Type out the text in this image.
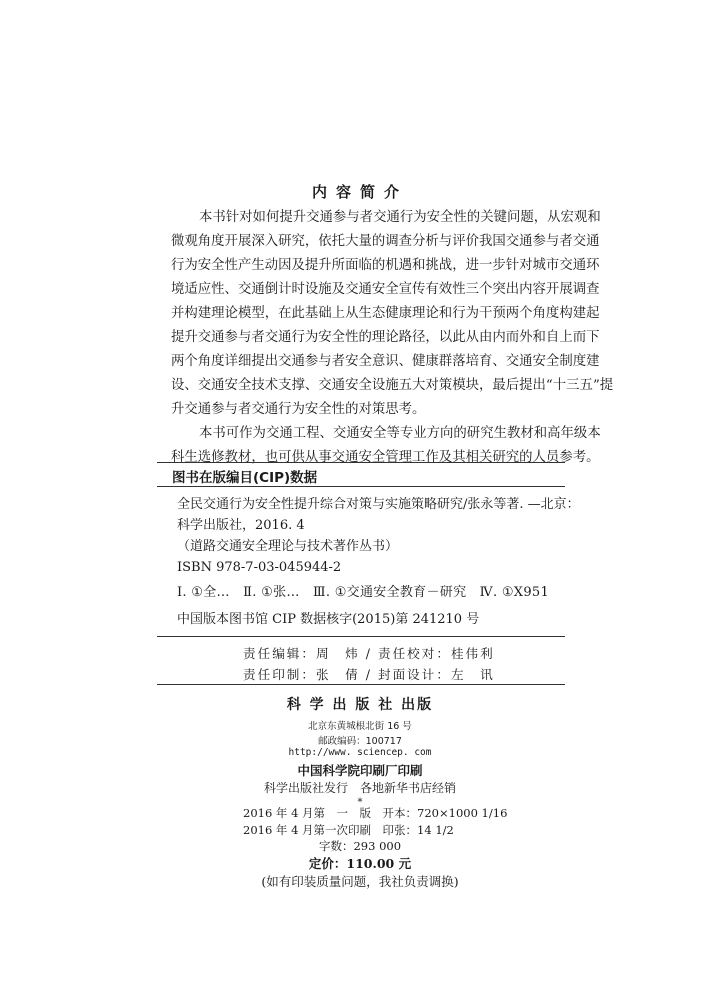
内容简介
本书针对如何提升交通参与者交通行为安全性的关键问题，从宏观和
微观角度开展深入研究，依托大量的调查分析与评价我国交通参与者交通
行为安全性产生动因及提升所面临的机遇和挑战，进一步针对城市交通环
境适应性、交通倒计时设施及交通安全宣传有效性三个突出内容开展调查
并构建理论模型，在此基础上从生态健康理论和行为干预两个角度构建起
提升交通参与者交通行为安全性的理论路径，以此从由内而外和自上而下
两个角度详细提出交通参与者安全意识、健康群落培育、交通安全制度建
设、交通安全技术支撑、交通安全设施五大对策模块，最后提出“十三五”提
升交通参与者交通行为安全性的对策思考。
本书可作为交通工程、交通安全等专业方向的研究生教材和高年级本
科生选修教材，也可供从事交通安全管理工作及其相关研究的人员参考。
图书在版编目(CIP)数据
全民交通行为安全性提升综合对策与实施策略研究/张永等著. —北京：
科学出版社，2016. 4
（道路交通安全理论与技术著作丛书）
ISBN 978-7-03-045944-2
Ⅰ. ①全…　Ⅱ. ①张…　Ⅲ. ①交通安全教育－研究　Ⅳ. ①X951
中国版本图书馆 CIP 数据核字(2015)第 241210 号
责任编辑：周　炜 / 责任校对：桂伟利
责任印制：张　倩 / 封面设计：左　讯
科 学 出 版 社 出版
北京东黄城根北街 16 号
邮政编码：100717
http://www. sciencep. com
中国科学院印刷厂印刷
科学出版社发行　各地新华书店经销
*
2016 年 4 月第　一　版　开本：720×1000 1/16
2016 年 4 月第一次印刷　印张：14 1/2
字数：293 000
定价：110.00 元
(如有印装质量问题，我社负责调换)
